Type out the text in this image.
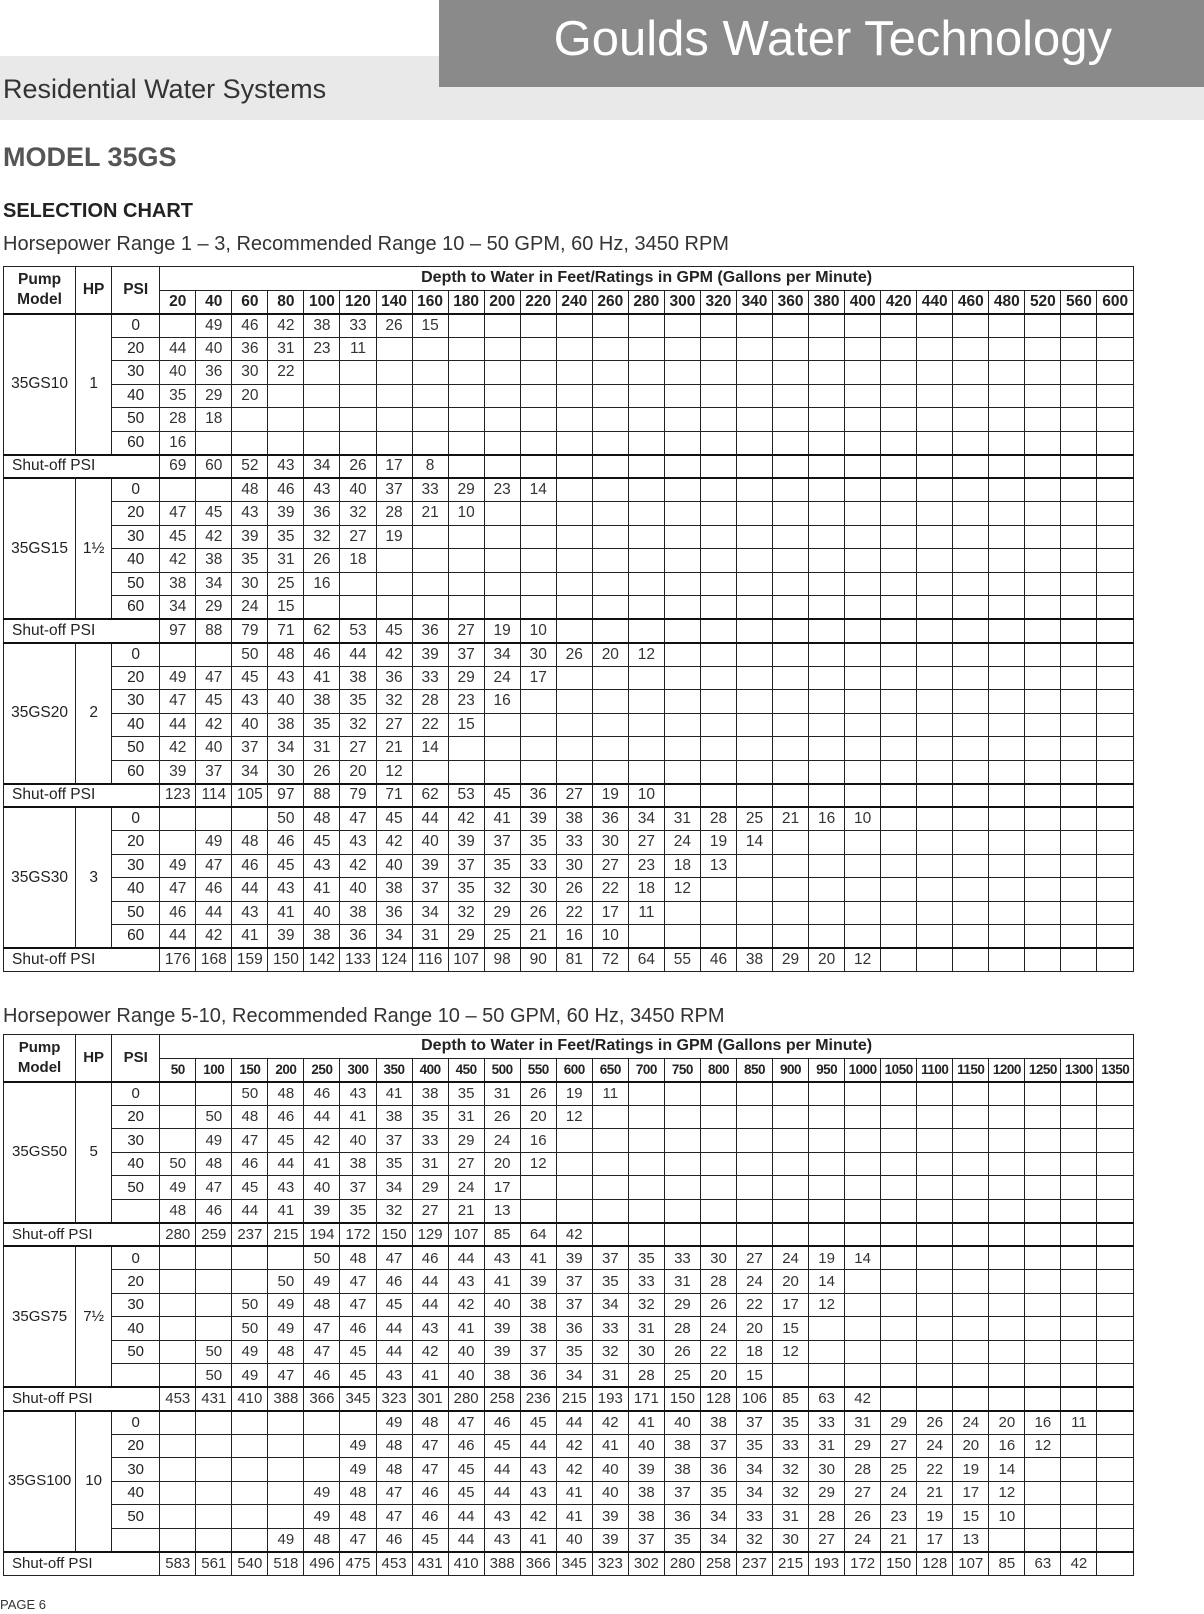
Goulds Water Technology
Residential Water Systems
MODEL 35GS
SELECTION CHART
Horsepower Range 1 – 3, Recommended Range 10 – 50 GPM, 60 Hz, 3450 RPM
Pump Model	HP	PSI	Depth to Water in Feet/Ratings in GPM (Gallons per Minute)																										
			20	40	60	80	100	120	140	160	180	200	220	240	260	280	300	320	340	360	380	400	420	440	460	480	520	560	600
35GS10	1	0		49	46	42	38	33	26	15																			
		20	44	40	36	31	23	11																					
		30	40	36	30	22																							
		40	35	29	20																								
		50	28	18																									
		60	16																										
Shut-off PSI			69	60	52	43	34	26	17	8																			
35GS15	1½	0			48	46	43	40	37	33	29	23	14																
		20	47	45	43	39	36	32	28	21	10																		
		30	45	42	39	35	32	27	19																				
		40	42	38	35	31	26	18																					
		50	38	34	30	25	16																						
		60	34	29	24	15																							
Shut-off PSI			97	88	79	71	62	53	45	36	27	19	10																
35GS20	2	0			50	48	46	44	42	39	37	34	30	26	20	12													
		20	49	47	45	43	41	38	36	33	29	24	17																
		30	47	45	43	40	38	35	32	28	23	16																	
		40	44	42	40	38	35	32	27	22	15																		
		50	42	40	37	34	31	27	21	14																			
		60	39	37	34	30	26	20	12																				
Shut-off PSI			123	114	105	97	88	79	71	62	53	45	36	27	19	10													
35GS30	3	0				50	48	47	45	44	42	41	39	38	36	34	31	28	25	21	16	10							
		20		49	48	46	45	43	42	40	39	37	35	33	30	27	24	19	14										
		30	49	47	46	45	43	42	40	39	37	35	33	30	27	23	18	13											
		40	47	46	44	43	41	40	38	37	35	32	30	26	22	18	12												
		50	46	44	43	41	40	38	36	34	32	29	26	22	17	11													
		60	44	42	41	39	38	36	34	31	29	25	21	16	10														
Shut-off PSI			176	168	159	150	142	133	124	116	107	98	90	81	72	64	55	46	38	29	20	12							
Horsepower Range 5-10, Recommended Range 10 – 50 GPM, 60 Hz, 3450 RPM
Pump Model	HP	PSI	Depth to Water in Feet/Ratings in GPM (Gallons per Minute)																										
			50	100	150	200	250	300	350	400	450	500	550	600	650	700	750	800	850	900	950	1000	1050	1100	1150	1200	1250	1300	1350
35GS50	5	0			50	48	46	43	41	38	35	31	26	19	11														
		20		50	48	46	44	41	38	35	31	26	20	12															
		30		49	47	45	42	40	37	33	29	24	16																
		40	50	48	46	44	41	38	35	31	27	20	12																
		50	49	47	45	43	40	37	34	29	24	17																	
			48	46	44	41	39	35	32	27	21	13																	
Shut-off PSI			280	259	237	215	194	172	150	129	107	85	64	42															
35GS75	7½	0					50	48	47	46	44	43	41	39	37	35	33	30	27	24	19	14							
		20				50	49	47	46	44	43	41	39	37	35	33	31	28	24	20	14								
		30			50	49	48	47	45	44	42	40	38	37	34	32	29	26	22	17	12								
		40			50	49	47	46	44	43	41	39	38	36	33	31	28	24	20	15									
		50		50	49	48	47	45	44	42	40	39	37	35	32	30	26	22	18	12									
				50	49	47	46	45	43	41	40	38	36	34	31	28	25	20	15										
Shut-off PSI			453	431	410	388	366	345	323	301	280	258	236	215	193	171	150	128	106	85	63	42							
35GS100	10	0							49	48	47	46	45	44	42	41	40	38	37	35	33	31	29	26	24	20	16	11	
		20						49	48	47	46	45	44	42	41	40	38	37	35	33	31	29	27	24	20	16	12		
		30						49	48	47	45	44	43	42	40	39	38	36	34	32	30	28	25	22	19	14			
		40					49	48	47	46	45	44	43	41	40	38	37	35	34	32	29	27	24	21	17	12			
		50					49	48	47	46	44	43	42	41	39	38	36	34	33	31	28	26	23	19	15	10			
						49	48	47	46	45	44	43	41	40	39	37	35	34	32	30	27	24	21	17	13				
Shut-off PSI			583	561	540	518	496	475	453	431	410	388	366	345	323	302	280	258	237	215	193	172	150	128	107	85	63	42	
PAGE 6
